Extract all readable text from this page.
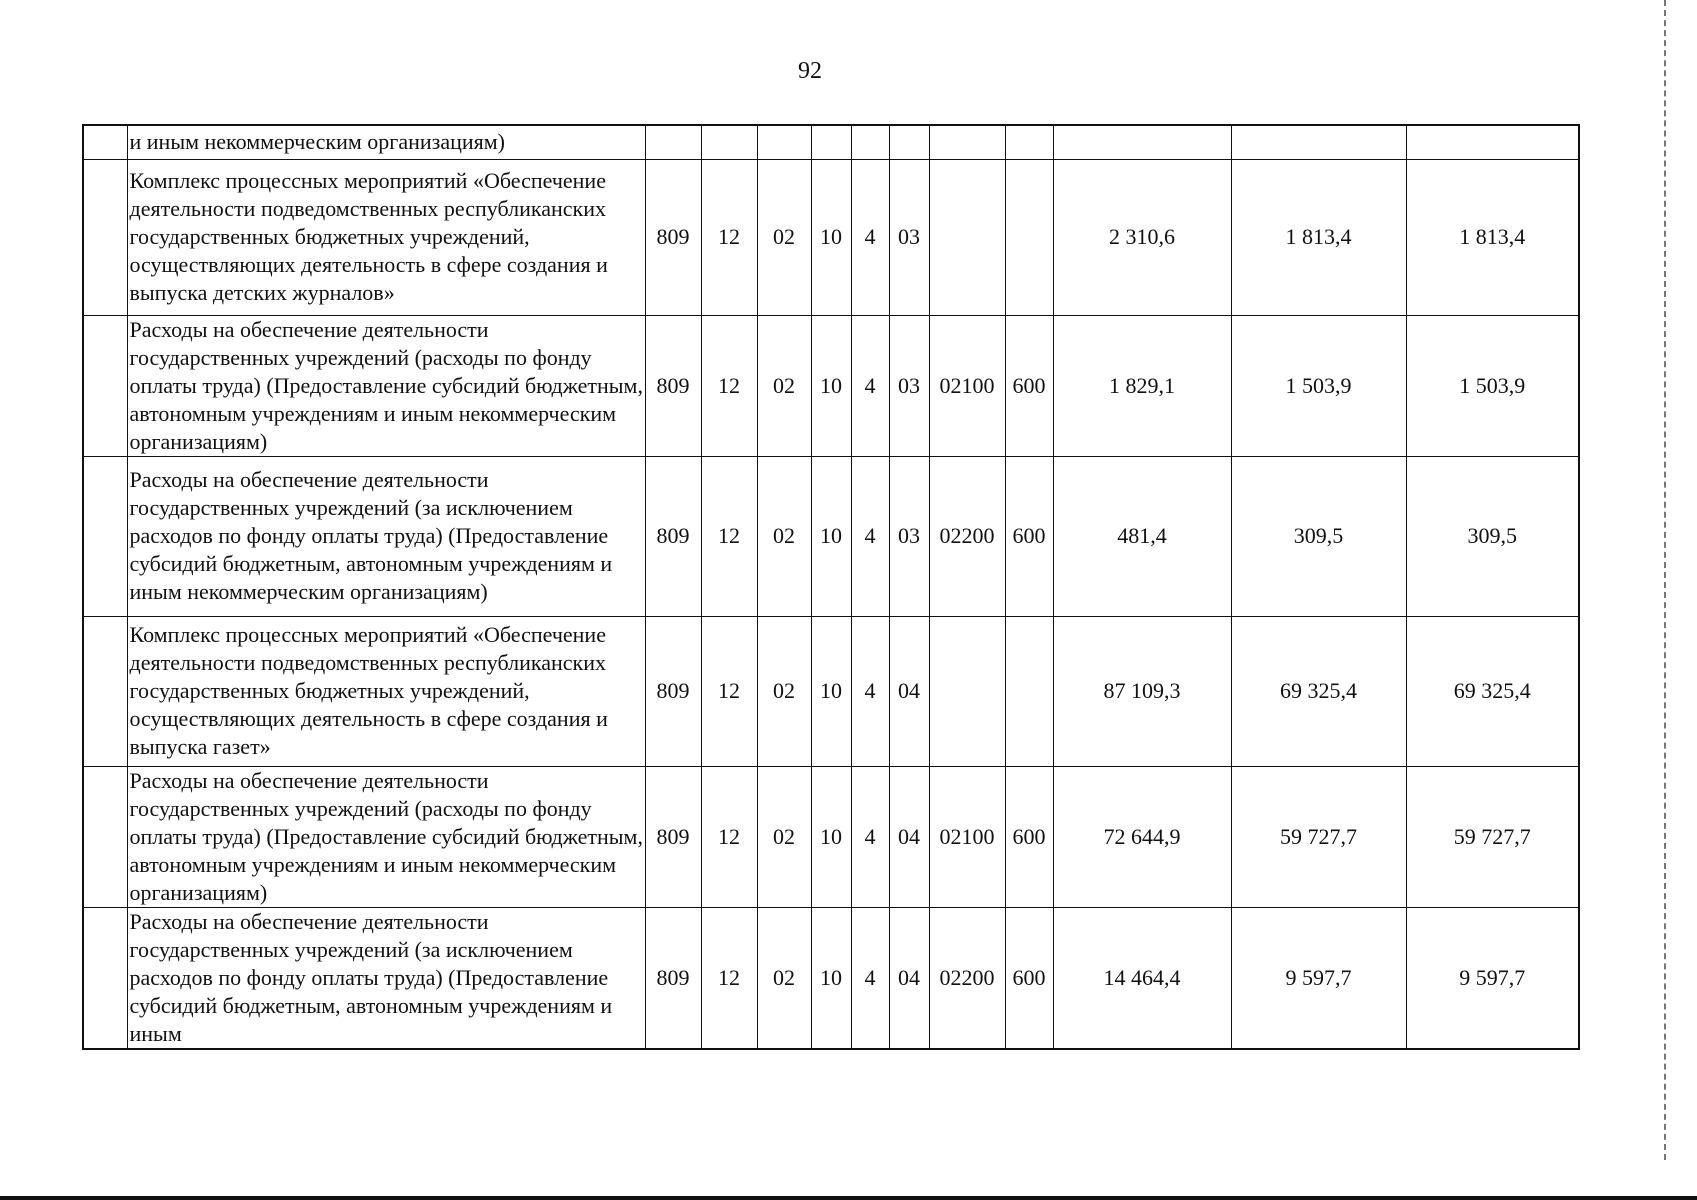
92
	и иным некоммерческим организациям)											
	Комплекс процессных мероприятий «Обеспечение деятельности подведомственных республиканских государственных бюджетных учреждений, осуществляющих деятельность в сфере создания и выпуска детских журналов»	809	12	02	10	4	03			2 310,6	1 813,4	1 813,4
	Расходы на обеспечение деятельности государственных учреждений (расходы по фонду оплаты труда) (Предоставление субсидий бюджетным, автономным учреждениям и иным некоммерческим организациям)	809	12	02	10	4	03	02100	600	1 829,1	1 503,9	1 503,9
	Расходы на обеспечение деятельности государственных учреждений (за исключением расходов по фонду оплаты труда) (Предоставление субсидий бюджетным, автономным учреждениям и иным некоммерческим организациям)	809	12	02	10	4	03	02200	600	481,4	309,5	309,5
	Комплекс процессных мероприятий «Обеспечение деятельности подведомственных республиканских государственных бюджетных учреждений, осуществляющих деятельность в сфере создания и выпуска газет»	809	12	02	10	4	04			87 109,3	69 325,4	69 325,4
	Расходы на обеспечение деятельности государственных учреждений (расходы по фонду оплаты труда) (Предоставление субсидий бюджетным, автономным учреждениям и иным некоммерческим организациям)	809	12	02	10	4	04	02100	600	72 644,9	59 727,7	59 727,7
	Расходы на обеспечение деятельности государственных учреждений (за исключением расходов по фонду оплаты труда) (Предоставление субсидий бюджетным, автономным учреждениям и иным	809	12	02	10	4	04	02200	600	14 464,4	9 597,7	9 597,7
